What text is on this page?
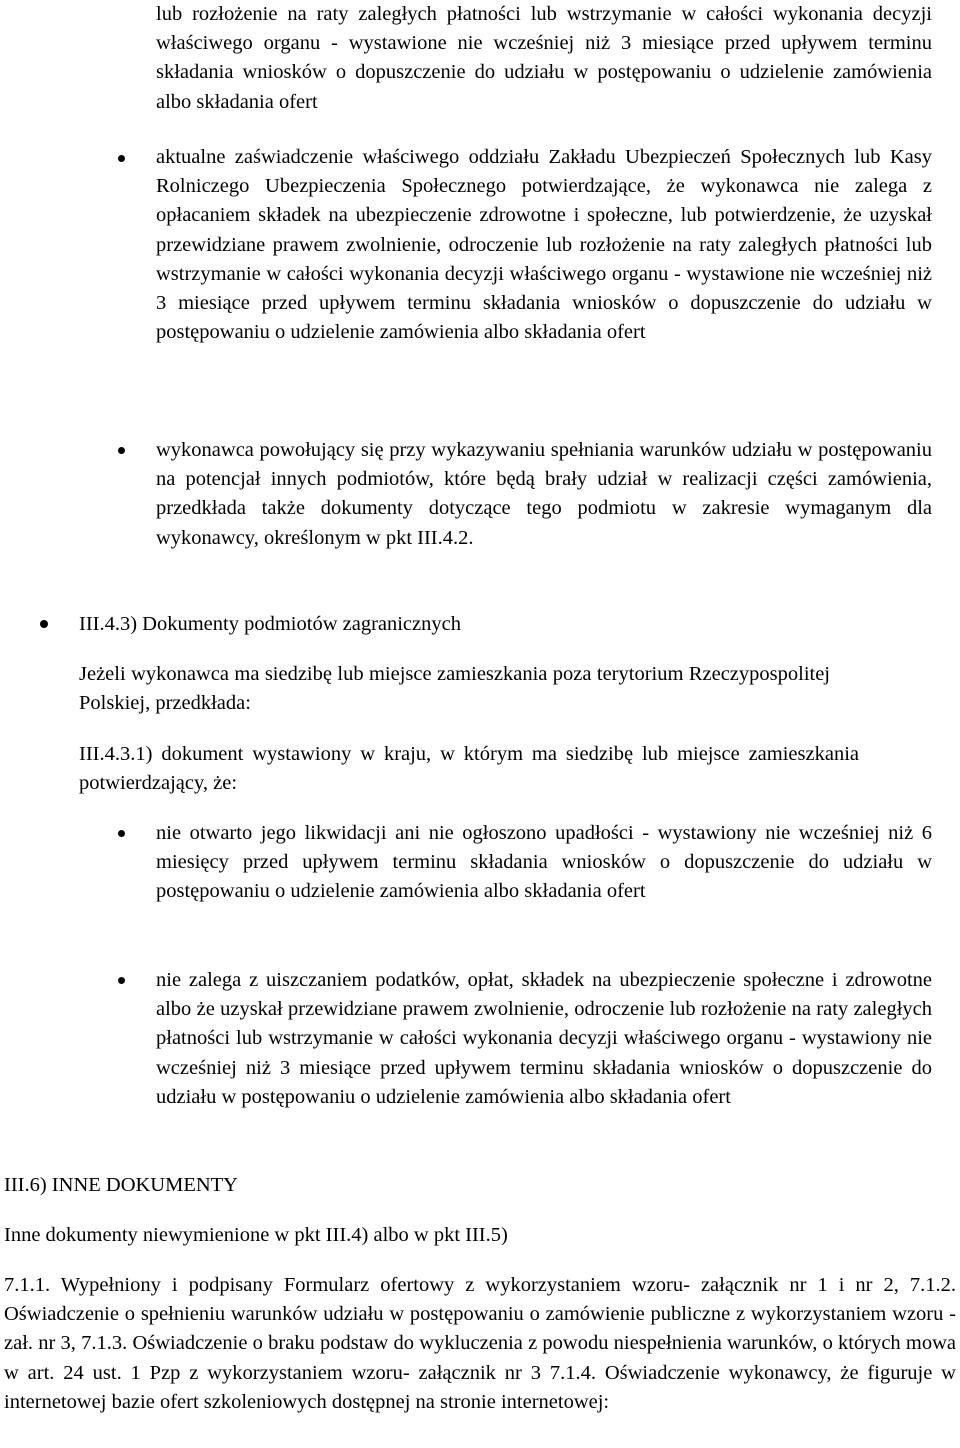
lub rozłożenie na raty zaległych płatności lub wstrzymanie w całości wykonania decyzji właściwego organu - wystawione nie wcześniej niż 3 miesiące przed upływem terminu składania wniosków o dopuszczenie do udziału w postępowaniu o udzielenie zamówienia albo składania ofert

aktualne zaświadczenie właściwego oddziału Zakładu Ubezpieczeń Społecznych lub Kasy Rolniczego Ubezpieczenia Społecznego potwierdzające, że wykonawca nie zalega z opłacaniem składek na ubezpieczenie zdrowotne i społeczne, lub potwierdzenie, że uzyskał przewidziane prawem zwolnienie, odroczenie lub rozłożenie na raty zaległych płatności lub wstrzymanie w całości wykonania decyzji właściwego organu - wystawione nie wcześniej niż 3 miesiące przed upływem terminu składania wniosków o dopuszczenie do udziału w postępowaniu o udzielenie zamówienia albo składania ofert

wykonawca powołujący się przy wykazywaniu spełniania warunków udziału w postępowaniu na potencjał innych podmiotów, które będą brały udział w realizacji części zamówienia, przedkłada także dokumenty dotyczące tego podmiotu w zakresie wymaganym dla wykonawcy, określonym w pkt III.4.2.

III.4.3) Dokumenty podmiotów zagranicznych

Jeżeli wykonawca ma siedzibę lub miejsce zamieszkania poza terytorium Rzeczypospolitej Polskiej, przedkłada:

III.4.3.1) dokument wystawiony w kraju, w którym ma siedzibę lub miejsce zamieszkania potwierdzający, że:

nie otwarto jego likwidacji ani nie ogłoszono upadłości - wystawiony nie wcześniej niż 6 miesięcy przed upływem terminu składania wniosków o dopuszczenie do udziału w postępowaniu o udzielenie zamówienia albo składania ofert

nie zalega z uiszczaniem podatków, opłat, składek na ubezpieczenie społeczne i zdrowotne albo że uzyskał przewidziane prawem zwolnienie, odroczenie lub rozłożenie na raty zaległych płatności lub wstrzymanie w całości wykonania decyzji właściwego organu - wystawiony nie wcześniej niż 3 miesiące przed upływem terminu składania wniosków o dopuszczenie do udziału w postępowaniu o udzielenie zamówienia albo składania ofert

III.6) INNE DOKUMENTY

Inne dokumenty niewymienione w pkt III.4) albo w pkt III.5)

7.1.1. Wypełniony i podpisany Formularz ofertowy z wykorzystaniem wzoru- załącznik nr 1 i nr 2, 7.1.2. Oświadczenie o spełnieniu warunków udziału w postępowaniu o zamówienie publiczne z wykorzystaniem wzoru - zał. nr 3, 7.1.3. Oświadczenie o braku podstaw do wykluczenia z powodu niespełnienia warunków, o których mowa w art. 24 ust. 1 Pzp z wykorzystaniem wzoru- załącznik nr 3 7.1.4. Oświadczenie wykonawcy, że figuruje w internetowej bazie ofert szkoleniowych dostępnej na stronie internetowej:
